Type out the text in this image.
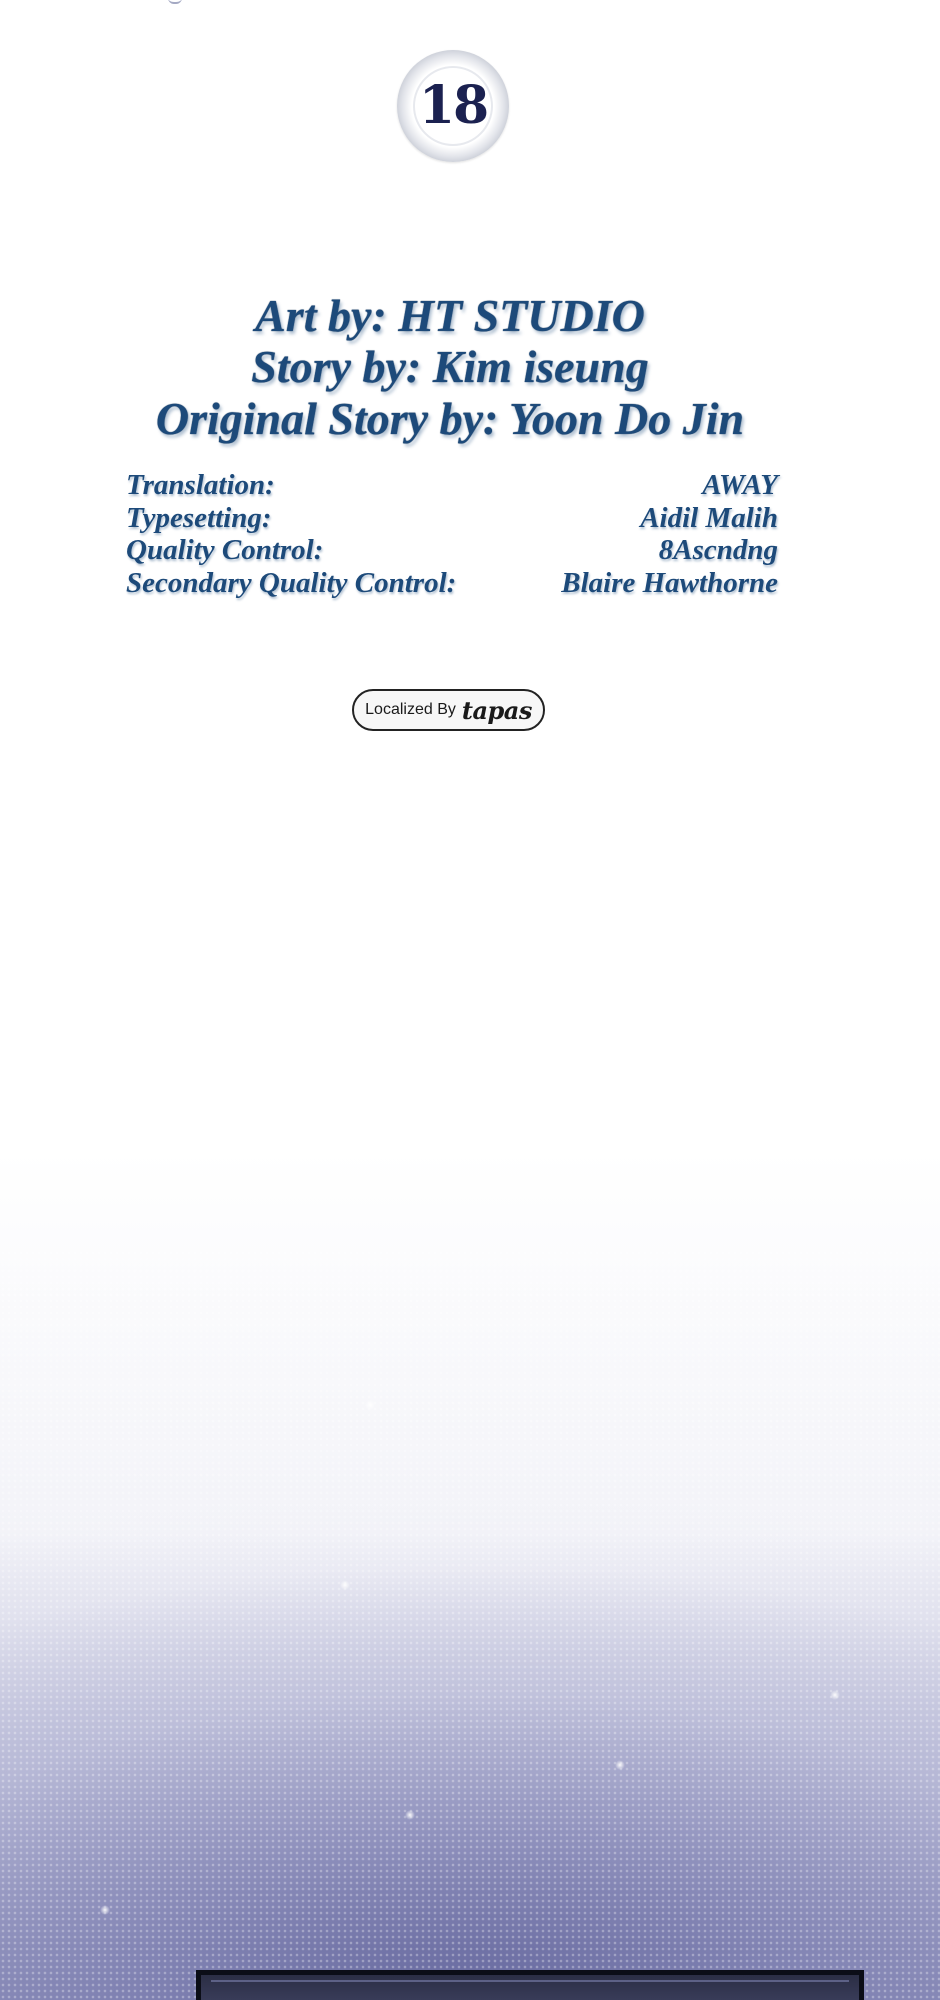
18
Art by: HT STUDIO
Story by: Kim iseung
Original Story by: Yoon Do Jin
Translation:	AWAY
Typesetting:	Aidil Malih
Quality Control:	8Ascndng
Secondary Quality Control:	Blaire Hawthorne
Localized By tapas
